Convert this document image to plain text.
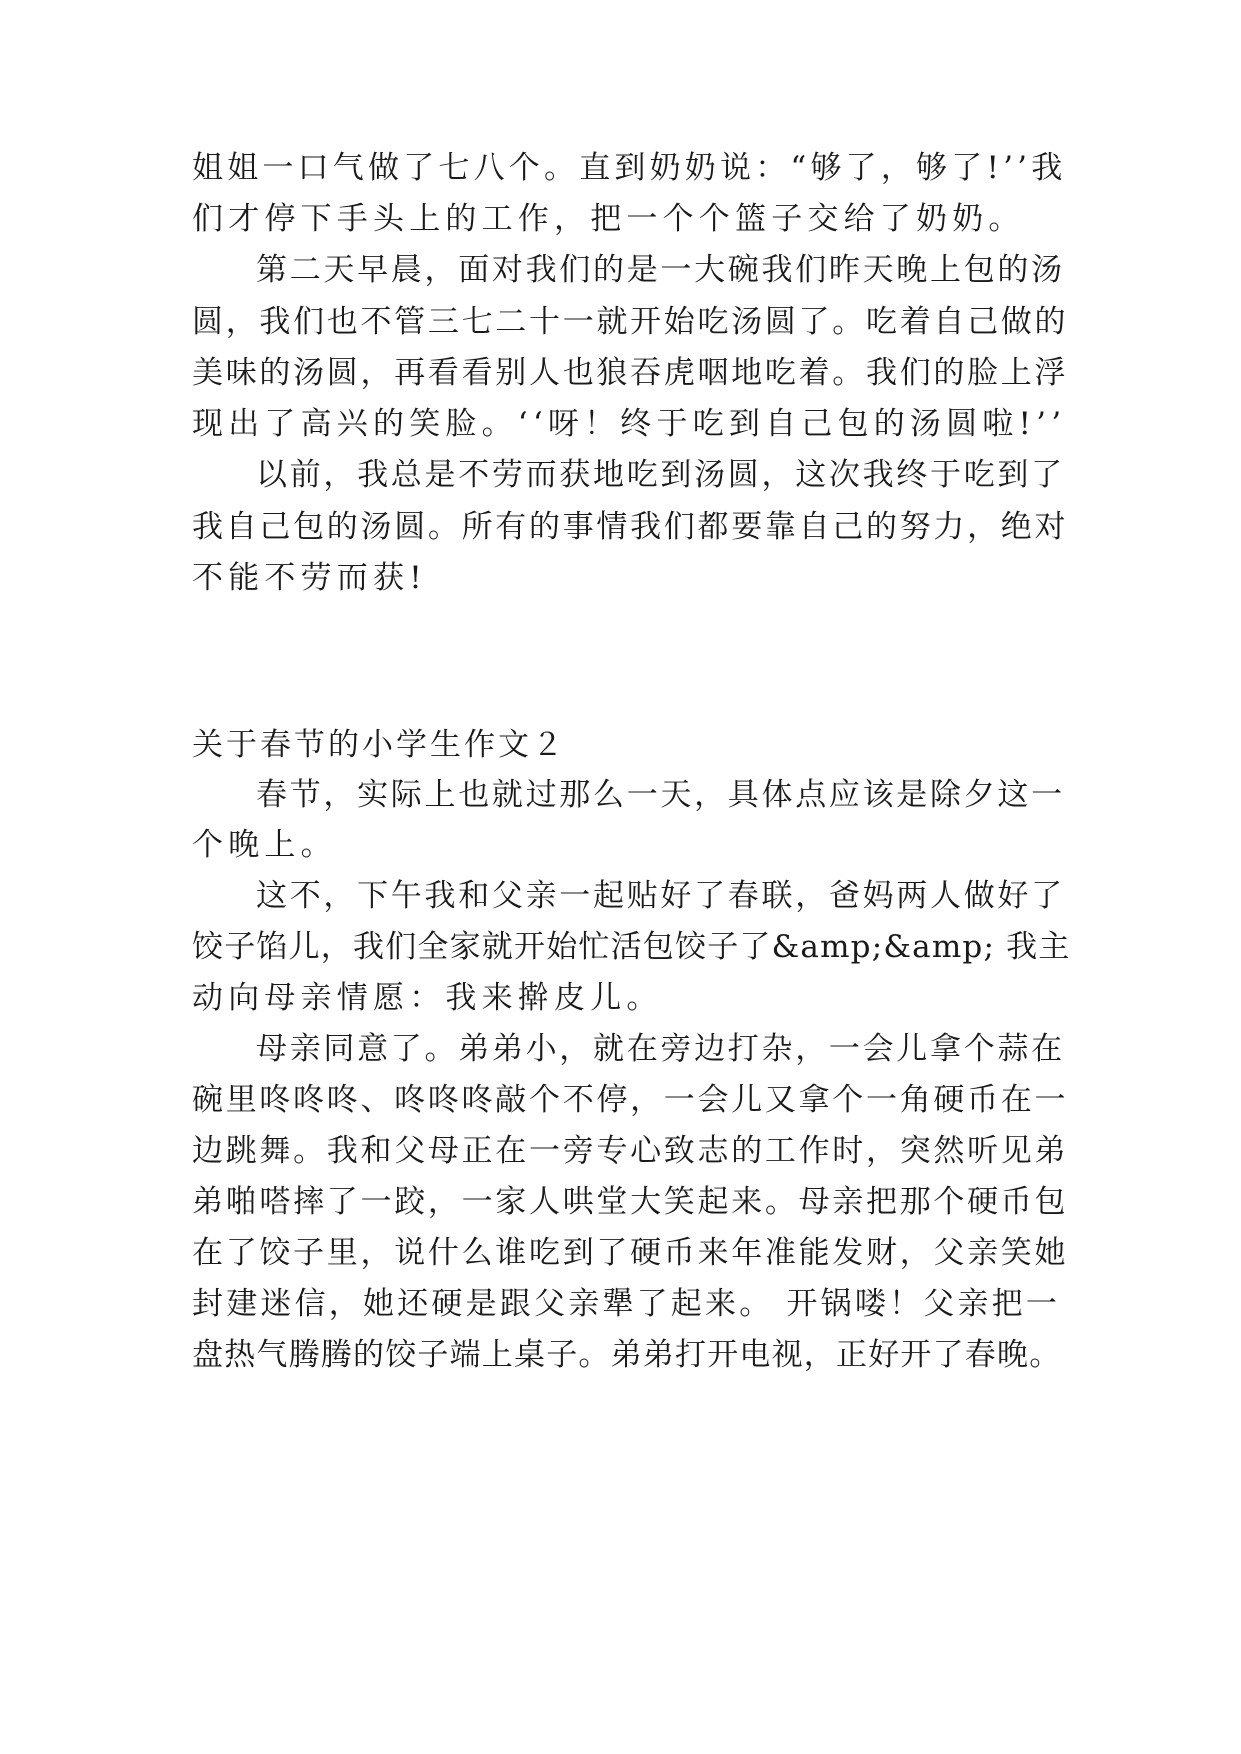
姐姐一口气做了七八个。直到奶奶说：“够了，够了!’’我
们才停下手头上的工作，把一个个篮子交给了奶奶。
第二天早晨，面对我们的是一大碗我们昨天晚上包的汤
圆，我们也不管三七二十一就开始吃汤圆了。吃着自己做的
美味的汤圆，再看看别人也狼吞虎咽地吃着。我们的脸上浮
现出了高兴的笑脸。‘‘呀！终于吃到自己包的汤圆啦!’’
以前，我总是不劳而获地吃到汤圆，这次我终于吃到了
我自己包的汤圆。所有的事情我们都要靠自己的努力，绝对
不能不劳而获!
关于春节的小学生作文２
春节，实际上也就过那么一天，具体点应该是除夕这一
个晚上。
这不，下午我和父亲一起贴好了春联，爸妈两人做好了
饺子馅儿，我们全家就开始忙活包饺子了&amp;&amp; 我主
动向母亲情愿：我来擀皮儿。
母亲同意了。弟弟小，就在旁边打杂，一会儿拿个蒜在
碗里咚咚咚、咚咚咚敲个不停，一会儿又拿个一角硬币在一
边跳舞。我和父母正在一旁专心致志的工作时，突然听见弟
弟啪嗒摔了一跤，一家人哄堂大笑起来。母亲把那个硬币包
在了饺子里，说什么谁吃到了硬币来年准能发财，父亲笑她
封建迷信，她还硬是跟父亲犟了起来。 开锅喽！父亲把一
盘热气腾腾的饺子端上桌子。弟弟打开电视，正好开了春晚。
